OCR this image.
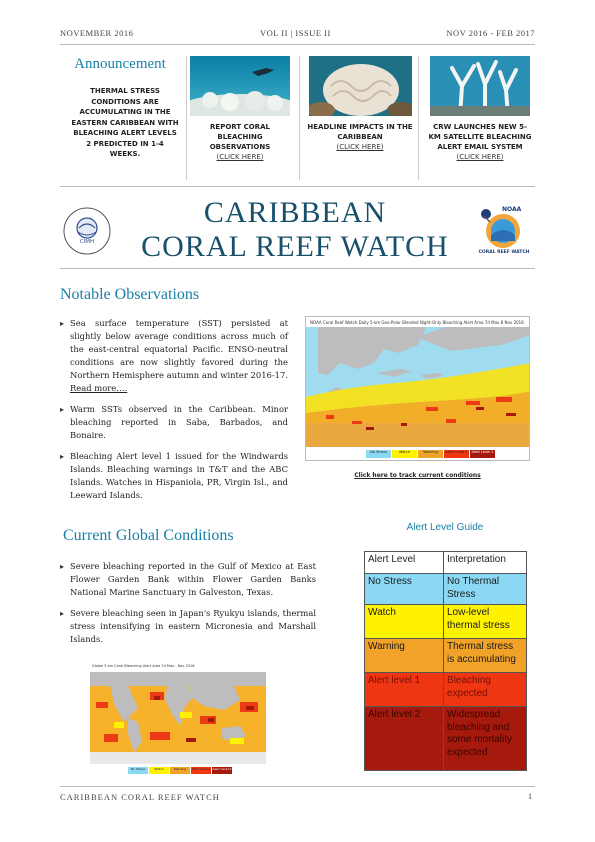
NOVEMBER 2016	VOL II | ISSUE II	NOV 2016 - FEB 2017
Announcement
THERMAL STRESS CONDITIONS ARE ACCUMULATING IN THE EASTERN CARIBBEAN WITH BLEACHING ALERT LEVELS 2 PREDICTED IN 1-4 WEEKS.
REPORT CORAL BLEACHING OBSERVATIONS
(CLICK HERE)
HEADLINE IMPACTS IN THE CARIBBEAN
(CLICK HERE)
CRW LAUNCHES NEW 5-KM SATELLITE BLEACHING ALERT EMAIL SYSTEM
(CLICK HERE)
CIMH
CARIBBEAN
CORAL REEF WATCH
NOAA
CORAL REEF WATCH
Notable Observations
▸ Sea surface temperature (SST) persisted at slightly below average conditions across much of the east-central equatorial Pacific. ENSO-neutral conditions are now slightly favored during the Northern Hemisphere autumn and winter 2016-17. Read more….
▸ Warm SSTs observed in the Caribbean. Minor bleaching reported in Saba, Barbados, and Bonaire.
▸ Bleaching Alert level 1 issued for the Windwards Islands. Bleaching warnings in T&T and the ABC Islands. Watches in Hispaniola, PR, Virgin Isl., and Leeward Islands.
NOAA Coral Reef Watch Daily 5-km Geo-Polar Blended Night-Only Bleaching Alert Area 7d Max 8 Nov 2016
No Stress	Watch	Warning	Alert Level 1	Alert Level 2
Click here to track current conditions
Current Global Conditions
▸ Severe bleaching reported in the Gulf of Mexico at East Flower Garden Bank within Flower Garden Banks National Marine Sanctuary in Galveston, Texas.
▸ Severe bleaching seen in Japan's Ryukyu islands, thermal stress intensifying in eastern Micronesia and Marshall Islands.
Global 5 km Coral Bleaching Alert Area 7d Max - Nov 2016
No Stress	Watch	Warning	Alert Level 1 Alert Level 2
Alert Level Guide
Alert Level	Interpretation
No Stress	No Thermal Stress
Watch	Low-level thermal stress
Warning	Thermal stress is accumulating
Alert level 1	Bleaching expected
Alert level 2	Widespread bleaching and some mortality expected
CARIBBEAN CORAL REEF WATCH	1
